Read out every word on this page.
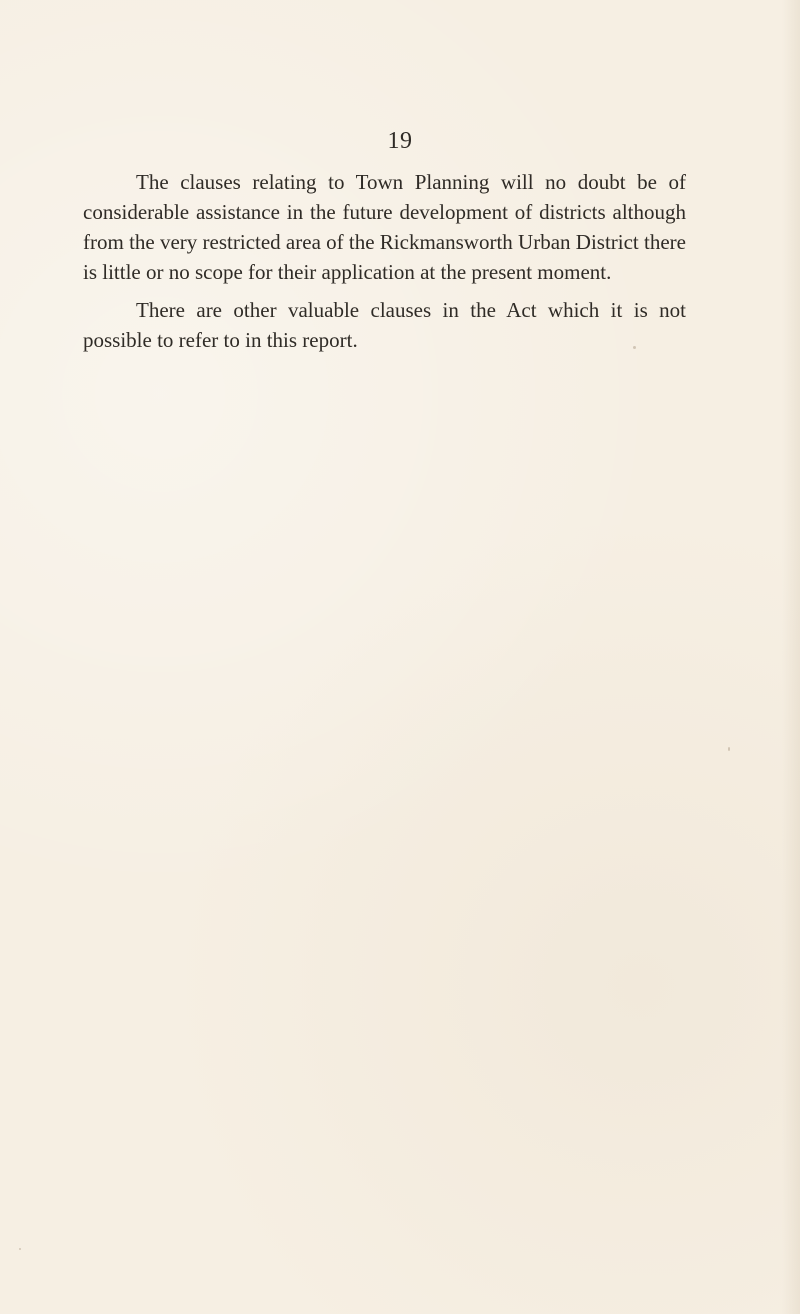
19

The clauses relating to Town Planning will no doubt be of considerable assistance in the future development of districts although from the very restricted area of the Rickmansworth Urban District there is little or no scope for their application at the present moment.

There are other valuable clauses in the Act which it is not possible to refer to in this report.
